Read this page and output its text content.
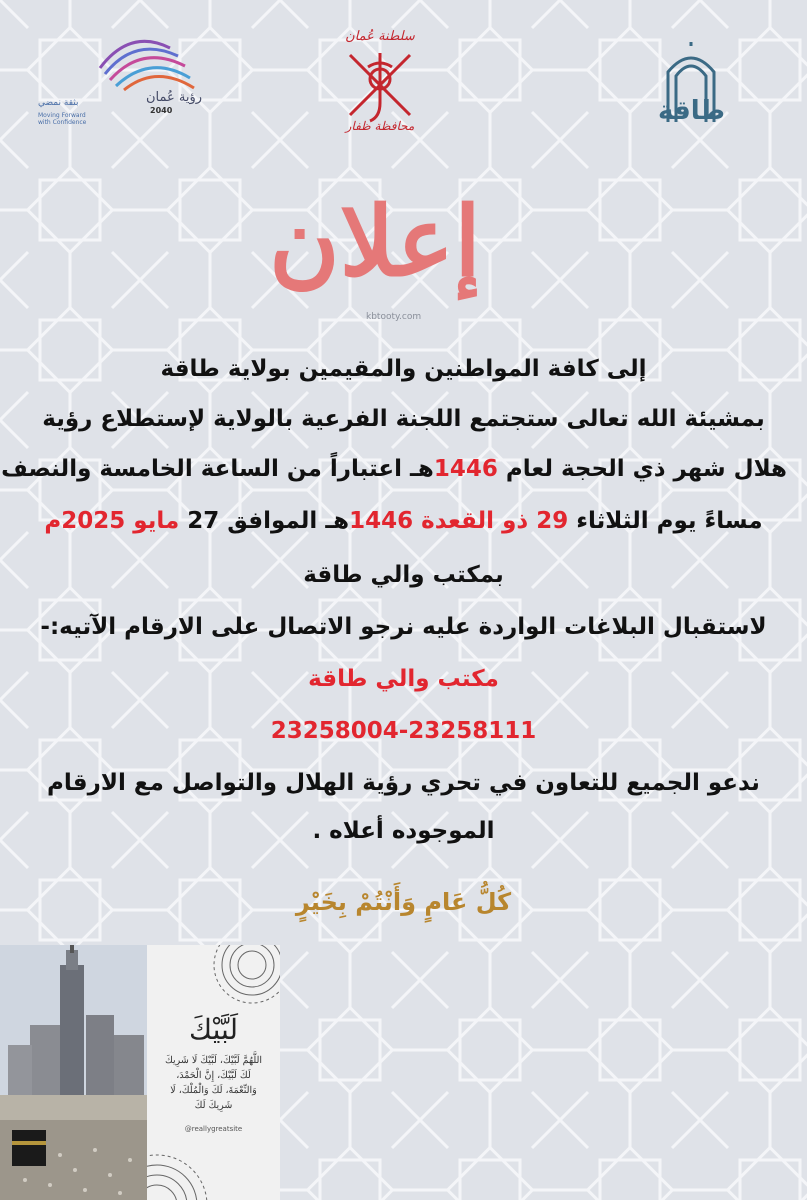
رؤية عُمان
2040
بثقة نمضي
Moving Forward with Confidence
سلطنة عُمان
محافظة ظفار	طاقة
إعلان
kbtooty.com
إلى كافة المواطنين والمقيمين بولاية طاقة
بمشيئة الله تعالى ستجتمع اللجنة الفرعية بالولاية لإستطلاع رؤية
هلال شهر ذي الحجة لعام 1446هـ اعتباراً من الساعة الخامسة والنصف
مساءً يوم الثلاثاء 29 ذو القعدة 1446هـ الموافق 27 مايو 2025م
بمكتب والي طاقة
لاستقبال البلاغات الواردة عليه نرجو الاتصال على الارقام الآتيه:-
مكتب والي طاقة
23258004-23258111
ندعو الجميع للتعاون في تحري رؤية الهلال والتواصل مع الارقام
الموجوده أعلاه .
كُلُّ عَامٍ وَأَنْتُمْ بِخَيْرٍ
لَبَّيْكَ
اللَّهُمَّ لَبَّيْكَ، لَبَّيْكَ لَا شَرِيكَ لَكَ لَبَّيْكَ، إِنَّ الْحَمْدَ، وَالنِّعْمَةَ، لَكَ وَالْمُلْكَ، لَا شَرِيكَ لَكَ
@reallygreatsite
